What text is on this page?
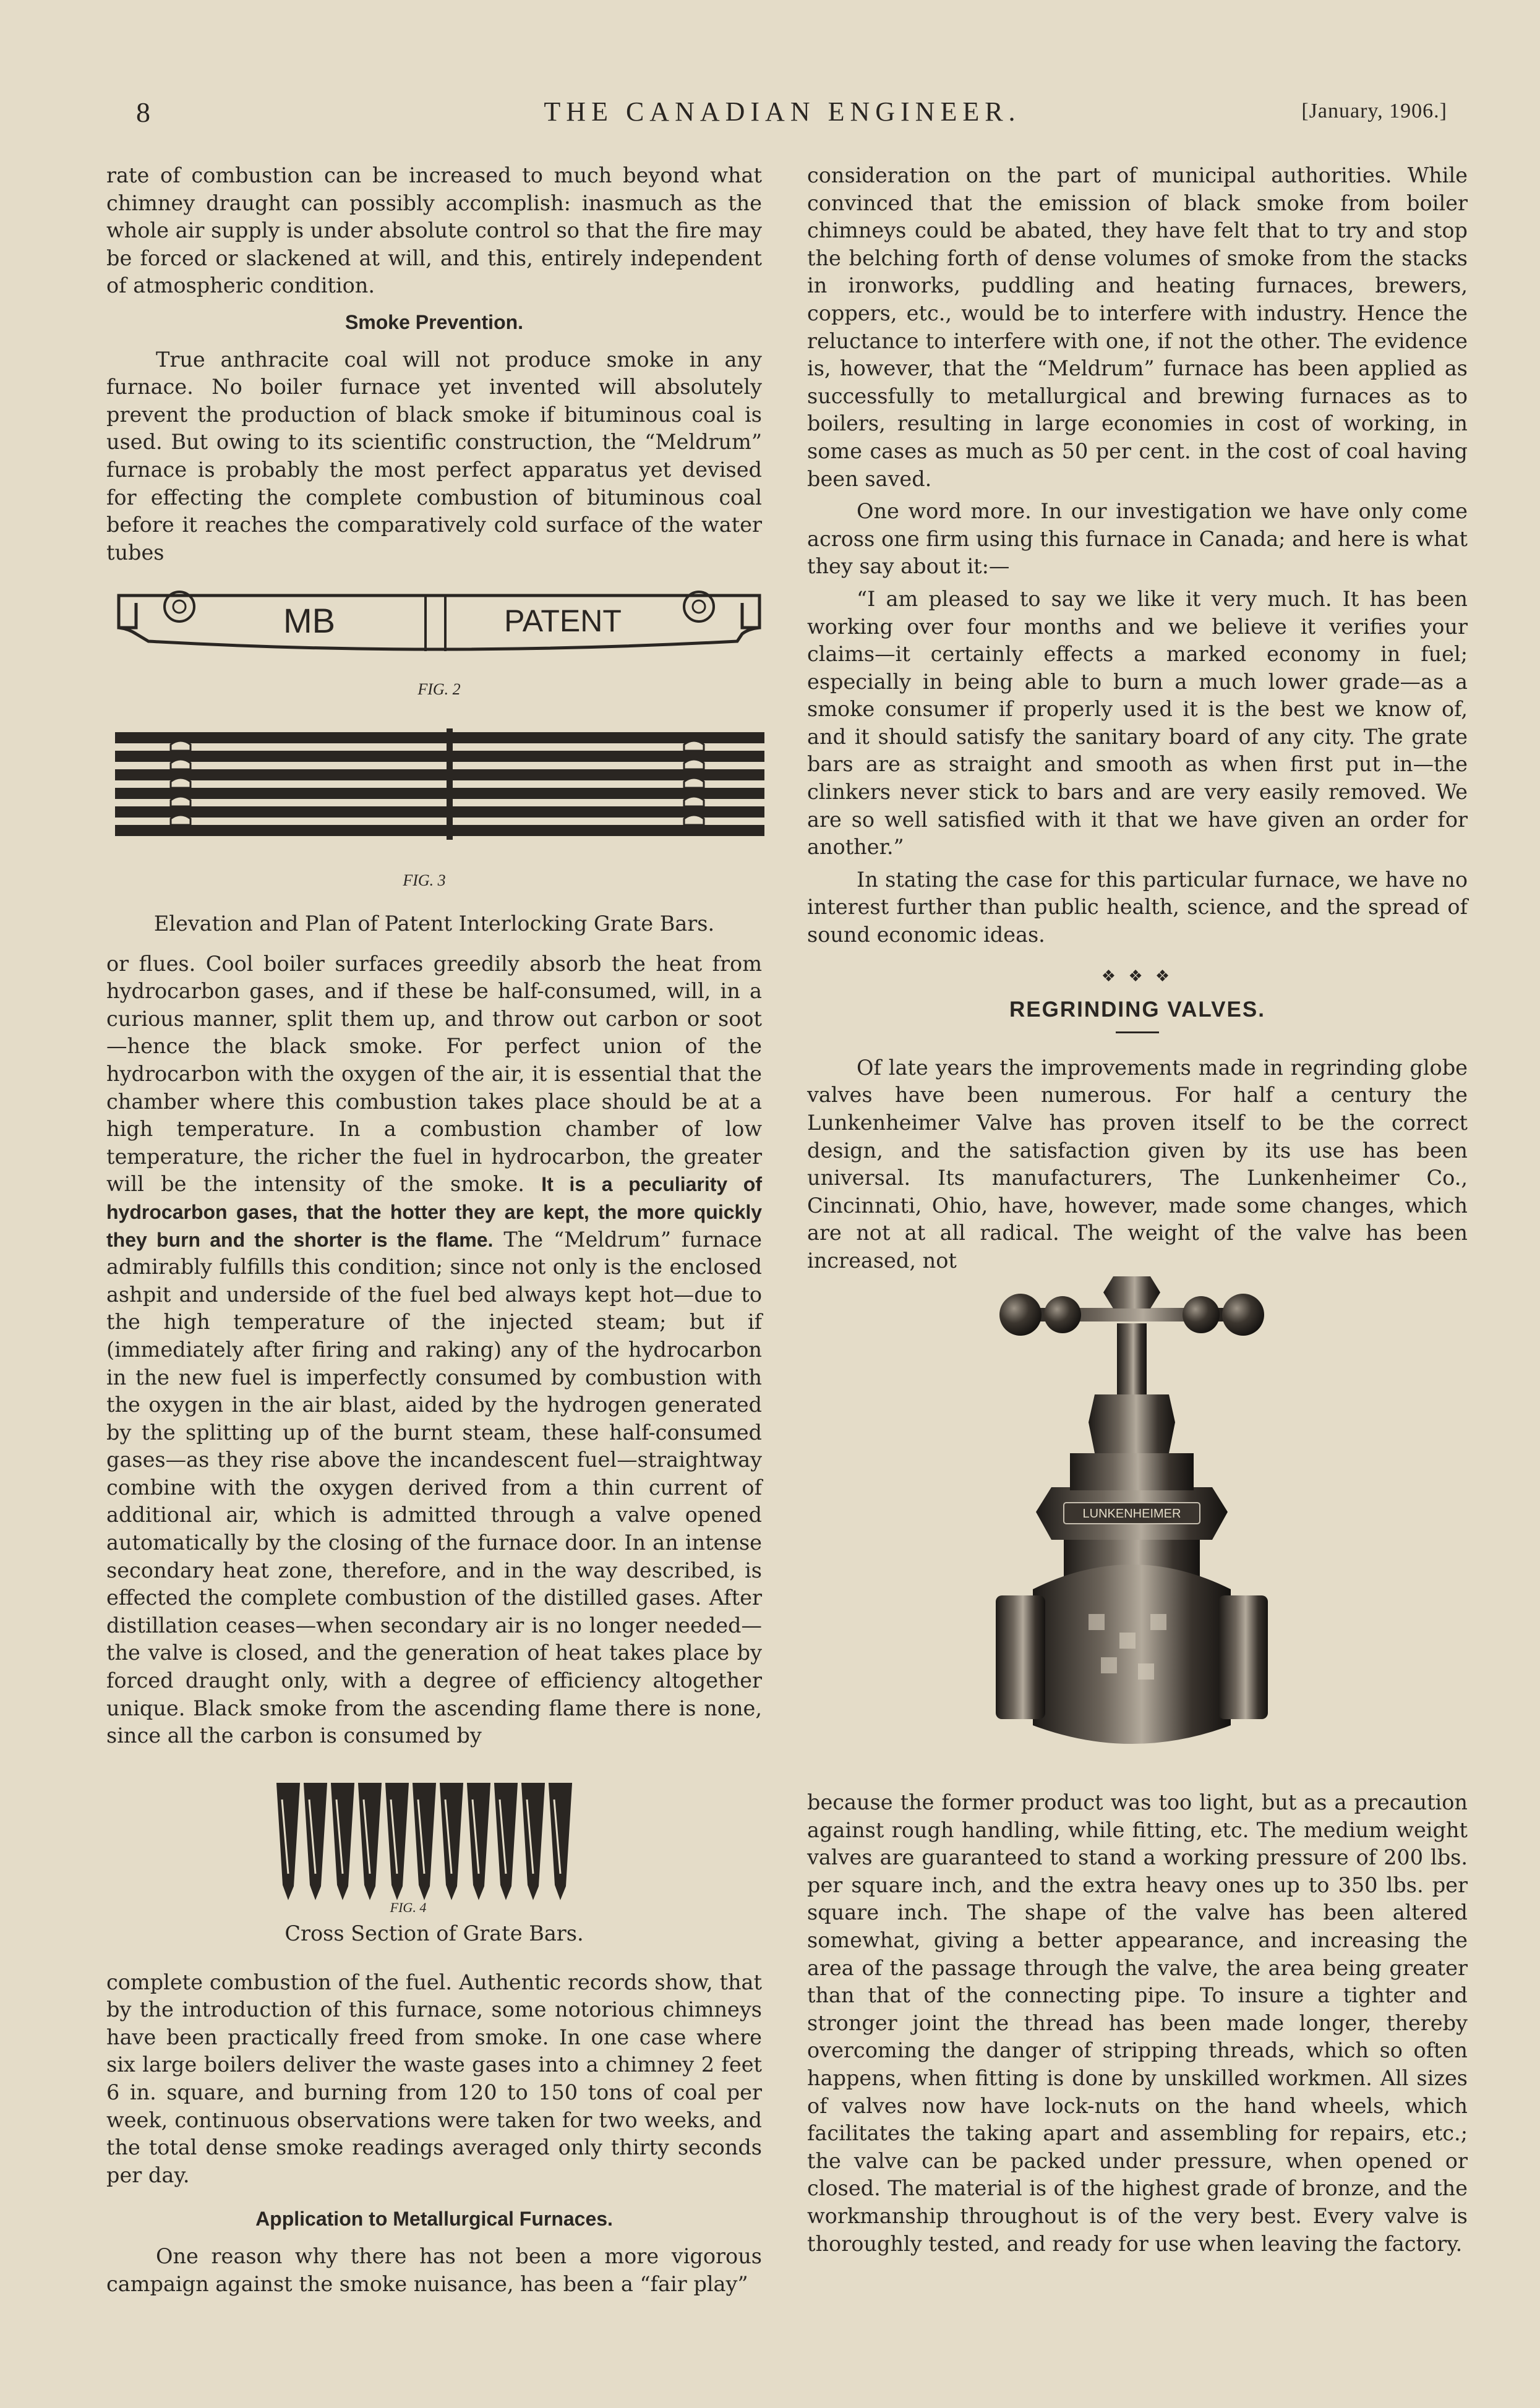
8	THE CANADIAN ENGINEER.	[January, 1906.]

rate of combustion can be increased to much beyond what chimney draught can possibly accomplish: inasmuch as the whole air supply is under absolute control so that the fire may be forced or slackened at will, and this, entirely independent of atmospheric condition.

Smoke Prevention.

True anthracite coal will not produce smoke in any furnace. No boiler furnace yet invented will absolutely prevent the production of black smoke if bituminous coal is used. But owing to its scientific construction, the “Meldrum” furnace is probably the most perfect apparatus yet devised for effecting the complete combustion of bituminous coal before it reaches the comparatively cold surface of the water tubes

MB	PATENT
FIG. 2
FIG. 3

Elevation and Plan of Patent Interlocking Grate Bars.

or flues. Cool boiler surfaces greedily absorb the heat from hydrocarbon gases, and if these be half-consumed, will, in a curious manner, split them up, and throw out carbon or soot —hence the black smoke. For perfect union of the hydrocarbon with the oxygen of the air, it is essential that the chamber where this combustion takes place should be at a high temperature. In a combustion chamber of low temperature, the richer the fuel in hydrocarbon, the greater will be the intensity of the smoke. It is a peculiarity of hydrocarbon gases, that the hotter they are kept, the more quickly they burn and the shorter is the flame. The “Meldrum” furnace admirably fulfills this condition; since not only is the enclosed ashpit and underside of the fuel bed always kept hot—due to the high temperature of the injected steam; but if (immediately after firing and raking) any of the hydrocarbon in the new fuel is imperfectly consumed by combustion with the oxygen in the air blast, aided by the hydrogen generated by the splitting up of the burnt steam, these half-consumed gases—as they rise above the incandescent fuel—straightway combine with the oxygen derived from a thin current of additional air, which is admitted through a valve opened automatically by the closing of the furnace door. In an intense secondary heat zone, therefore, and in the way described, is effected the complete combustion of the distilled gases. After distillation ceases—when secondary air is no longer needed—the valve is closed, and the generation of heat takes place by forced draught only, with a degree of efficiency altogether unique. Black smoke from the ascending flame there is none, since all the carbon is consumed by

FIG. 4

Cross Section of Grate Bars.

complete combustion of the fuel. Authentic records show, that by the introduction of this furnace, some notorious chimneys have been practically freed from smoke. In one case where six large boilers deliver the waste gases into a chimney 2 feet 6 in. square, and burning from 120 to 150 tons of coal per week, continuous observations were taken for two weeks, and the total dense smoke readings averaged only thirty seconds per day.

Application to Metallurgical Furnaces.

One reason why there has not been a more vigorous campaign against the smoke nuisance, has been a “fair play”

consideration on the part of municipal authorities. While convinced that the emission of black smoke from boiler chimneys could be abated, they have felt that to try and stop the belching forth of dense volumes of smoke from the stacks in ironworks, puddling and heating furnaces, brewers, coppers, etc., would be to interfere with industry. Hence the reluctance to interfere with one, if not the other. The evidence is, however, that the “Meldrum” furnace has been applied as successfully to metallurgical and brewing furnaces as to boilers, resulting in large economies in cost of working, in some cases as much as 50 per cent. in the cost of coal having been saved.

One word more. In our investigation we have only come across one firm using this furnace in Canada; and here is what they say about it:—

“I am pleased to say we like it very much. It has been working over four months and we believe it verifies your claims—it certainly effects a marked economy in fuel; especially in being able to burn a much lower grade—as a smoke consumer if properly used it is the best we know of, and it should satisfy the sanitary board of any city. The grate bars are as straight and smooth as when first put in—the clinkers never stick to bars and are very easily removed. We are so well satisfied with it that we have given an order for another.”

In stating the case for this particular furnace, we have no interest further than public health, science, and the spread of sound economic ideas.

❖ ❖ ❖

REGRINDING VALVES.

Of late years the improvements made in regrinding globe valves have been numerous. For half a century the Lunkenheimer Valve has proven itself to be the correct design, and the satisfaction given by its use has been universal. Its manufacturers, The Lunkenheimer Co., Cincinnati, Ohio, have, however, made some changes, which are not at all radical. The weight of the valve has been increased, not

LUNKENHEIMER

because the former product was too light, but as a precaution against rough handling, while fitting, etc. The medium weight valves are guaranteed to stand a working pressure of 200 lbs. per square inch, and the extra heavy ones up to 350 lbs. per square inch. The shape of the valve has been altered somewhat, giving a better appearance, and increasing the area of the passage through the valve, the area being greater than that of the connecting pipe. To insure a tighter and stronger joint the thread has been made longer, thereby overcoming the danger of stripping threads, which so often happens, when fitting is done by unskilled workmen. All sizes of valves now have lock-nuts on the hand wheels, which facilitates the taking apart and assembling for repairs, etc.; the valve can be packed under pressure, when opened or closed. The material is of the highest grade of bronze, and the workmanship throughout is of the very best. Every valve is thoroughly tested, and ready for use when leaving the factory.
